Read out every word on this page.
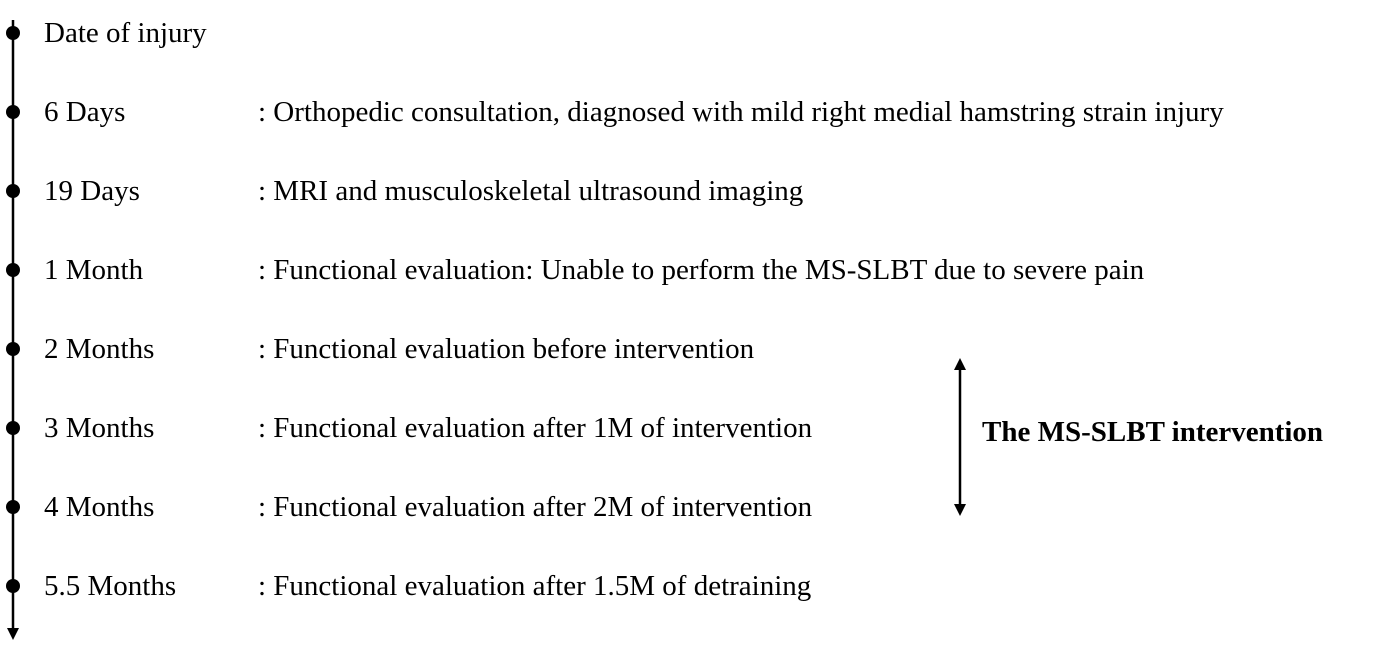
Date of injury
6 Days	: Orthopedic consultation, diagnosed with mild right medial hamstring strain injury
19 Days	: MRI and musculoskeletal ultrasound imaging
1 Month	: Functional evaluation: Unable to perform the MS-SLBT due to severe pain
2 Months	: Functional evaluation before intervention
3 Months	: Functional evaluation after 1M of intervention
4 Months	: Functional evaluation after 2M of intervention
5.5 Months	: Functional evaluation after 1.5M of detraining
The MS-SLBT intervention
